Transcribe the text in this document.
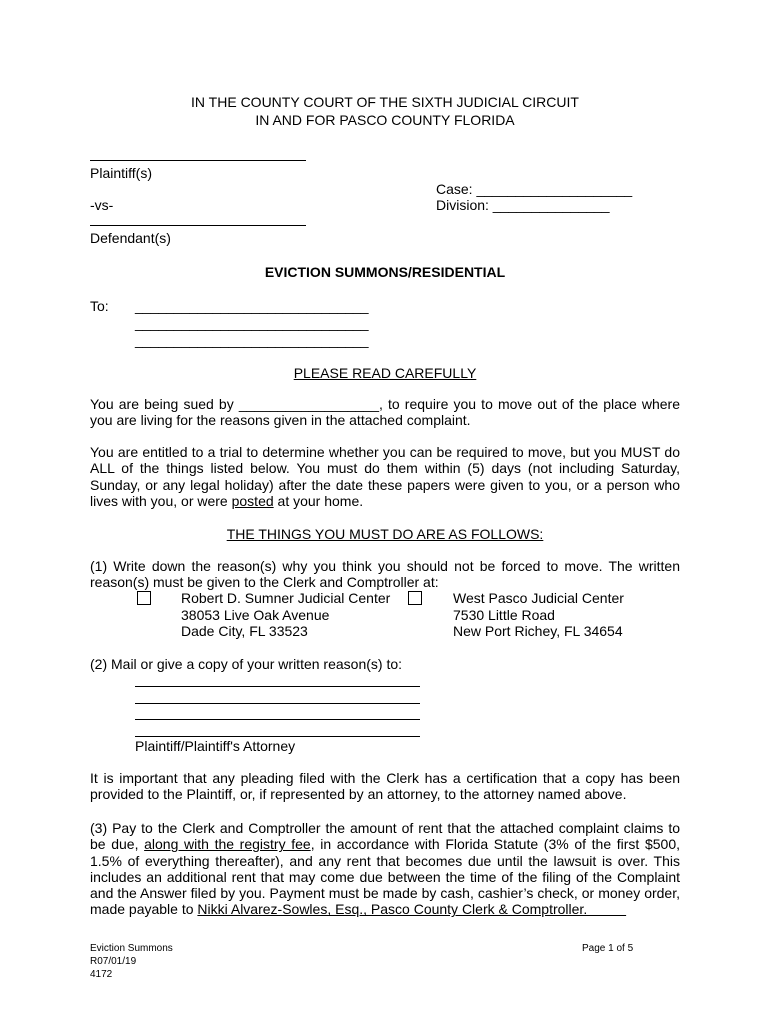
IN THE COUNTY COURT OF THE SIXTH JUDICIAL CIRCUIT
IN AND FOR PASCO COUNTY FLORIDA
Plaintiff(s)
Case: ____________________
-vs-	Division: _______________
Defendant(s)
EVICTION SUMMONS/RESIDENTIAL
To: ______________________________
______________________________
______________________________
PLEASE READ CAREFULLY
You are being sued by __________________, to require you to move out of the place where you are living for the reasons given in the attached complaint.
You are entitled to a trial to determine whether you can be required to move, but you MUST do ALL of the things listed below. You must do them within (5) days (not including Saturday, Sunday, or any legal holiday) after the date these papers were given to you, or a person who lives with you, or were posted at your home.
THE THINGS YOU MUST DO ARE AS FOLLOWS:
(1) Write down the reason(s) why you think you should not be forced to move. The written reason(s) must be given to the Clerk and Comptroller at:
Robert D. Sumner Judicial Center
38053 Live Oak Avenue
Dade City, FL 33523
West Pasco Judicial Center
7530 Little Road
New Port Richey, FL 34654
(2) Mail or give a copy of your written reason(s) to:
Plaintiff/Plaintiff's Attorney
It is important that any pleading filed with the Clerk has a certification that a copy has been provided to the Plaintiff, or, if represented by an attorney, to the attorney named above.
(3) Pay to the Clerk and Comptroller the amount of rent that the attached complaint claims to be due, along with the registry fee, in accordance with Florida Statute (3% of the first $500, 1.5% of everything thereafter), and any rent that becomes due until the lawsuit is over. This includes an additional rent that may come due between the time of the filing of the Complaint and the Answer filed by you. Payment must be made by cash, cashier’s check, or money order, made payable to Nikki Alvarez-Sowles, Esq., Pasco County Clerk & Comptroller.
Eviction Summons
R07/01/19
4172
Page 1 of 5
